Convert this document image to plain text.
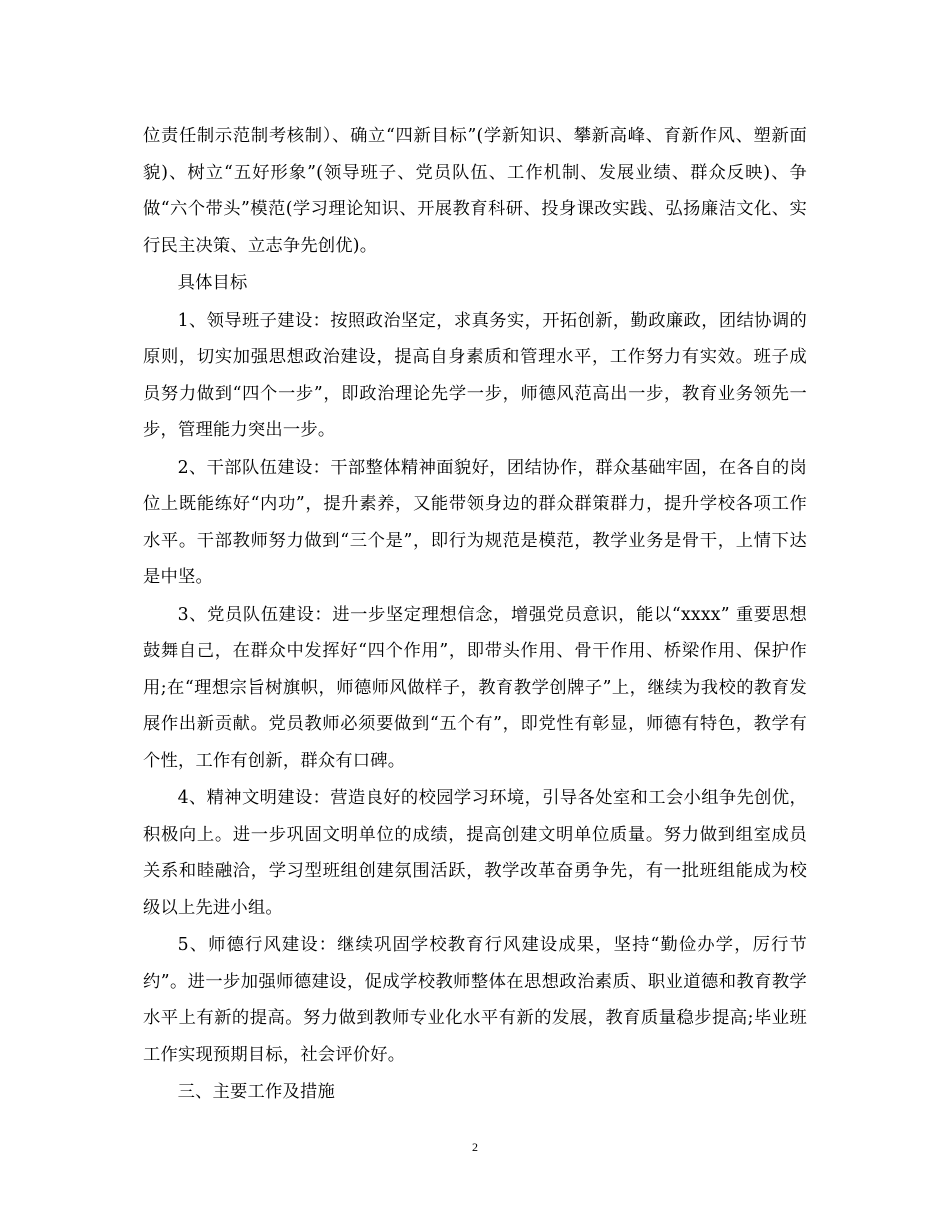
位责任制示范制考核制）、确立“四新目标”(学新知识、攀新高峰、育新作风、塑新面貌)、树立“五好形象”(领导班子、党员队伍、工作机制、发展业绩、群众反映)、争做“六个带头”模范(学习理论知识、开展教育科研、投身课改实践、弘扬廉洁文化、实行民主决策、立志争先创优)。

具体目标

1、领导班子建设：按照政治坚定，求真务实，开拓创新，勤政廉政，团结协调的原则，切实加强思想政治建设，提高自身素质和管理水平，工作努力有实效。班子成员努力做到“四个一步”，即政治理论先学一步，师德风范高出一步，教育业务领先一步，管理能力突出一步。

2、干部队伍建设：干部整体精神面貌好，团结协作，群众基础牢固，在各自的岗位上既能练好“内功”，提升素养，又能带领身边的群众群策群力，提升学校各项工作水平。干部教师努力做到“三个是”，即行为规范是模范，教学业务是骨干，上情下达是中坚。

3、党员队伍建设：进一步坚定理想信念，增强党员意识，能以“xxxx” 重要思想鼓舞自己，在群众中发挥好“四个作用”，即带头作用、骨干作用、桥梁作用、保护作用;在“理想宗旨树旗帜，师德师风做样子，教育教学创牌子”上，继续为我校的教育发展作出新贡献。党员教师必须要做到“五个有”，即党性有彰显，师德有特色，教学有个性，工作有创新，群众有口碑。

4、精神文明建设：营造良好的校园学习环境，引导各处室和工会小组争先创优，积极向上。进一步巩固文明单位的成绩，提高创建文明单位质量。努力做到组室成员关系和睦融洽，学习型班组创建氛围活跃，教学改革奋勇争先，有一批班组能成为校级以上先进小组。

5、师德行风建设：继续巩固学校教育行风建设成果，坚持“勤俭办学，厉行节约”。进一步加强师德建设，促成学校教师整体在思想政治素质、职业道德和教育教学水平上有新的提高。努力做到教师专业化水平有新的发展，教育质量稳步提高;毕业班工作实现预期目标，社会评价好。

三、主要工作及措施

2
